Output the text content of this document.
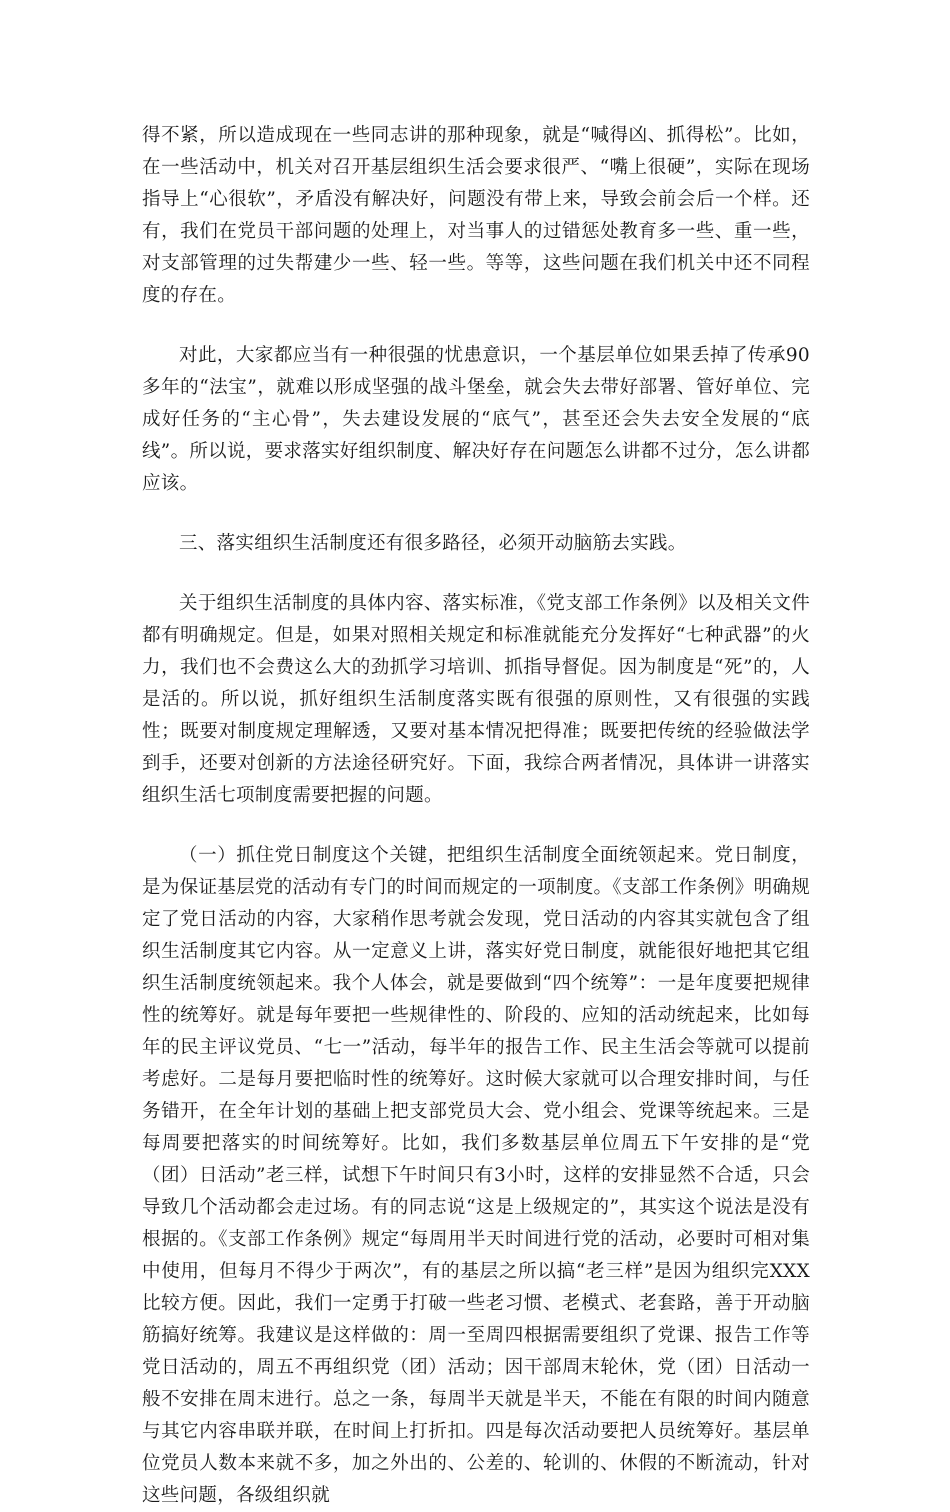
得不紧，所以造成现在一些同志讲的那种现象，就是“喊得凶、抓得松”。比如，在一些活动中，机关对召开基层组织生活会要求很严、“嘴上很硬”，实际在现场指导上“心很软”，矛盾没有解决好，问题没有带上来，导致会前会后一个样。还有，我们在党员干部问题的处理上，对当事人的过错惩处教育多一些、重一些，对支部管理的过失帮建少一些、轻一些。等等，这些问题在我们机关中还不同程度的存在。

对此，大家都应当有一种很强的忧患意识，一个基层单位如果丢掉了传承90多年的“法宝”，就难以形成坚强的战斗堡垒，就会失去带好部署、管好单位、完成好任务的“主心骨”，失去建设发展的“底气”，甚至还会失去安全发展的“底线”。所以说，要求落实好组织制度、解决好存在问题怎么讲都不过分，怎么讲都应该。

三、落实组织生活制度还有很多路径，必须开动脑筋去实践。

关于组织生活制度的具体内容、落实标准，《党支部工作条例》以及相关文件都有明确规定。但是，如果对照相关规定和标准就能充分发挥好“七种武器”的火力，我们也不会费这么大的劲抓学习培训、抓指导督促。因为制度是“死”的，人是活的。所以说，抓好组织生活制度落实既有很强的原则性，又有很强的实践性；既要对制度规定理解透，又要对基本情况把得准；既要把传统的经验做法学到手，还要对创新的方法途径研究好。下面，我综合两者情况，具体讲一讲落实组织生活七项制度需要把握的问题。

（一）抓住党日制度这个关键，把组织生活制度全面统领起来。党日制度，是为保证基层党的活动有专门的时间而规定的一项制度。《支部工作条例》明确规定了党日活动的内容，大家稍作思考就会发现，党日活动的内容其实就包含了组织生活制度其它内容。从一定意义上讲，落实好党日制度，就能很好地把其它组织生活制度统领起来。我个人体会，就是要做到“四个统筹”：一是年度要把规律性的统筹好。就是每年要把一些规律性的、阶段的、应知的活动统起来，比如每年的民主评议党员、“七一”活动，每半年的报告工作、民主生活会等就可以提前考虑好。二是每月要把临时性的统筹好。这时候大家就可以合理安排时间，与任务错开，在全年计划的基础上把支部党员大会、党小组会、党课等统起来。三是每周要把落实的时间统筹好。比如，我们多数基层单位周五下午安排的是“党（团）日活动”老三样，试想下午时间只有3小时，这样的安排显然不合适，只会导致几个活动都会走过场。有的同志说“这是上级规定的”，其实这个说法是没有根据的。《支部工作条例》规定“每周用半天时间进行党的活动，必要时可相对集中使用，但每月不得少于两次”，有的基层之所以搞“老三样”是因为组织完XXX比较方便。因此，我们一定勇于打破一些老习惯、老模式、老套路，善于开动脑筋搞好统筹。我建议是这样做的：周一至周四根据需要组织了党课、报告工作等党日活动的，周五不再组织党（团）活动；因干部周末轮休，党（团）日活动一般不安排在周末进行。总之一条，每周半天就是半天，不能在有限的时间内随意与其它内容串联并联，在时间上打折扣。四是每次活动要把人员统筹好。基层单位党员人数本来就不多，加之外出的、公差的、轮训的、休假的不断流动，针对这些问题，各级组织就
